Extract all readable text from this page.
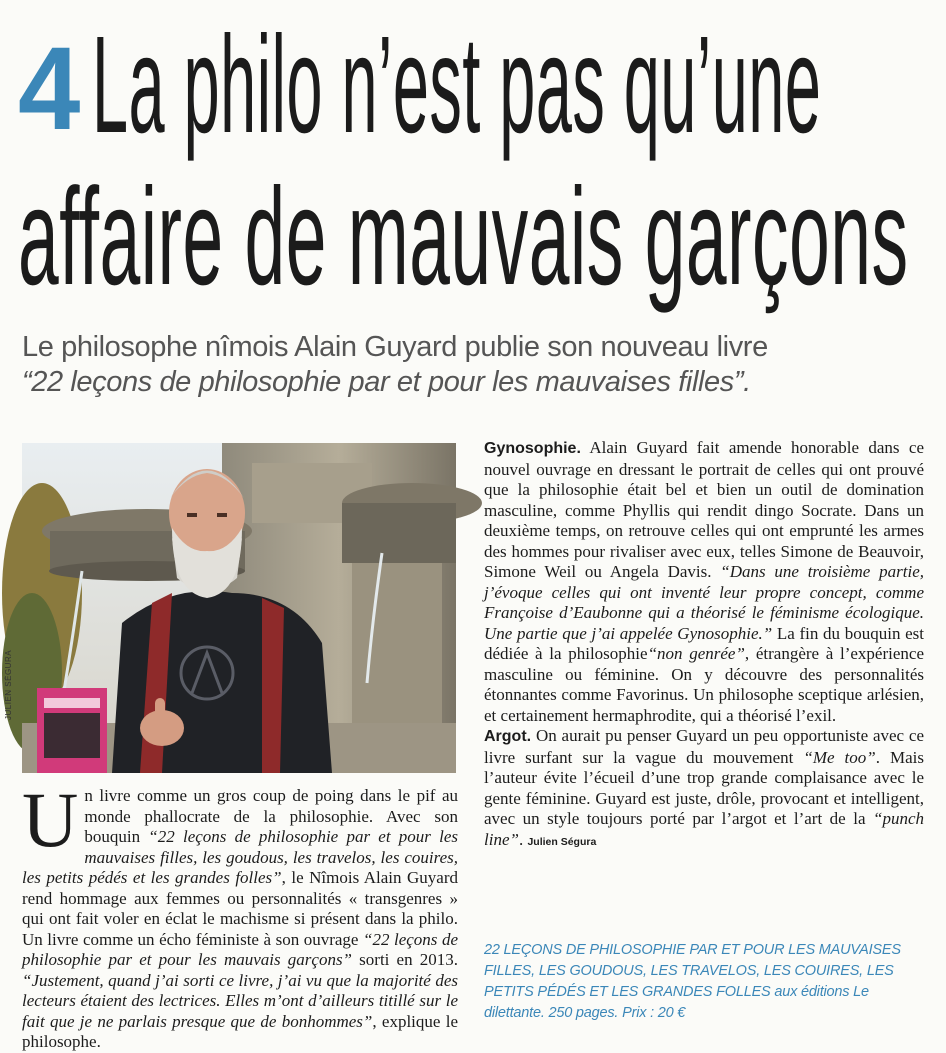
4 La philo n’est pas qu’une
affaire de mauvais garçons
Le philosophe nîmois Alain Guyard publie son nouveau livre
“22 leçons de philosophie par et pour les mauvaises filles”.
JULIEN SÉGURA

Un livre comme un gros coup de poing dans le pif au monde phallocrate de la philosophie. Avec son bouquin “22 leçons de philosophie par et pour les mauvaises filles, les goudous, les travelos, les couires, les petits pédés et les grandes folles”, le Nîmois Alain Guyard rend hommage aux femmes ou personnalités « transgenres » qui ont fait voler en éclat le machisme si présent dans la philo. Un livre comme un écho féministe à son ouvrage “22 leçons de philosophie par et pour les mauvais garçons” sorti en 2013. “Justement, quand j’ai sorti ce livre, j’ai vu que la majorité des lecteurs étaient des lectrices. Elles m’ont d’ailleurs titillé sur le fait que je ne parlais presque que de bonhommes”, explique le philosophe.

Gynosophie. Alain Guyard fait amende honorable dans ce nouvel ouvrage en dressant le portrait de celles qui ont prouvé que la philosophie était bel et bien un outil de domination masculine, comme Phyllis qui rendit dingo Socrate. Dans un deuxième temps, on retrouve celles qui ont emprunté les armes des hommes pour rivaliser avec eux, telles Simone de Beauvoir, Simone Weil ou Angela Davis. “Dans une troisième partie, j’évoque celles qui ont inventé leur propre concept, comme Françoise d’Eaubonne qui a théorisé le féminisme écologique. Une partie que j’ai appelée Gynosophie.” La fin du bouquin est dédiée à la philosophie“non genrée”, étrangère à l’expérience masculine ou féminine. On y découvre des personnalités étonnantes comme Favorinus. Un philosophe sceptique arlésien, et certainement hermaphrodite, qui a théorisé l’exil.

Argot. On aurait pu penser Guyard un peu opportuniste avec ce livre surfant sur la vague du mouvement “Me too”. Mais l’auteur évite l’écueil d’une trop grande complaisance avec le gente féminine. Guyard est juste, drôle, provocant et intelligent, avec un style toujours porté par l’argot et l’art de la “punch line”. Julien Ségura

22 LEÇONS DE PHILOSOPHIE PAR ET POUR LES MAUVAISES FILLES, LES GOUDOUS, LES TRAVELOS, LES COUIRES, LES PETITS PÉDÉS ET LES GRANDES FOLLES aux éditions Le dilettante. 250 pages. Prix : 20 €
